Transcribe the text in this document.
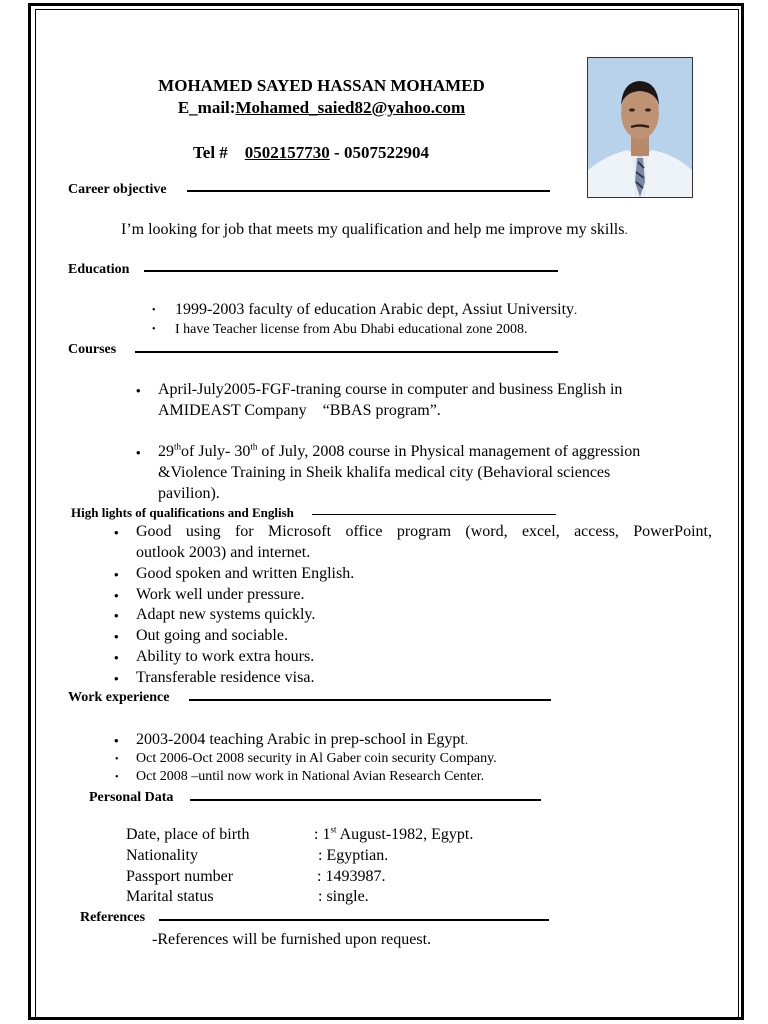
MOHAMED SAYED HASSAN MOHAMED
E_mail:Mohamed_saied82@yahoo.com
Tel # 0502157730 - 0507522904
Career objective
I’m looking for job that meets my qualification and help me improve my skills.
Education
• 1999-2003 faculty of education Arabic dept, Assiut University.
• I have Teacher license from Abu Dhabi educational zone 2008.
Courses
• April-July2005-FGF-traning course in computer and business English in
AMIDEAST Company    “BBAS program”.
• 29thof July- 30th of July, 2008 course in Physical management of aggression
&Violence Training in Sheik khalifa medical city (Behavioral sciences
pavilion).
High lights of qualifications and English
• Good using for Microsoft office program (word, excel, access, PowerPoint,
outlook 2003) and internet.
• Good spoken and written English.
• Work well under pressure.
• Adapt new systems quickly.
• Out going and sociable.
• Ability to work extra hours.
• Transferable residence visa.
Work experience
• 2003-2004 teaching Arabic in prep-school in Egypt.
• Oct 2006-Oct 2008 security in Al Gaber coin security Company.
• Oct 2008 –until now work in National Avian Research Center.
Personal Data
Date, place of birth	: 1st August-1982, Egypt.
Nationality	: Egyptian.
Passport number	: 1493987.
Marital status	: single.
References
-References will be furnished upon request.
